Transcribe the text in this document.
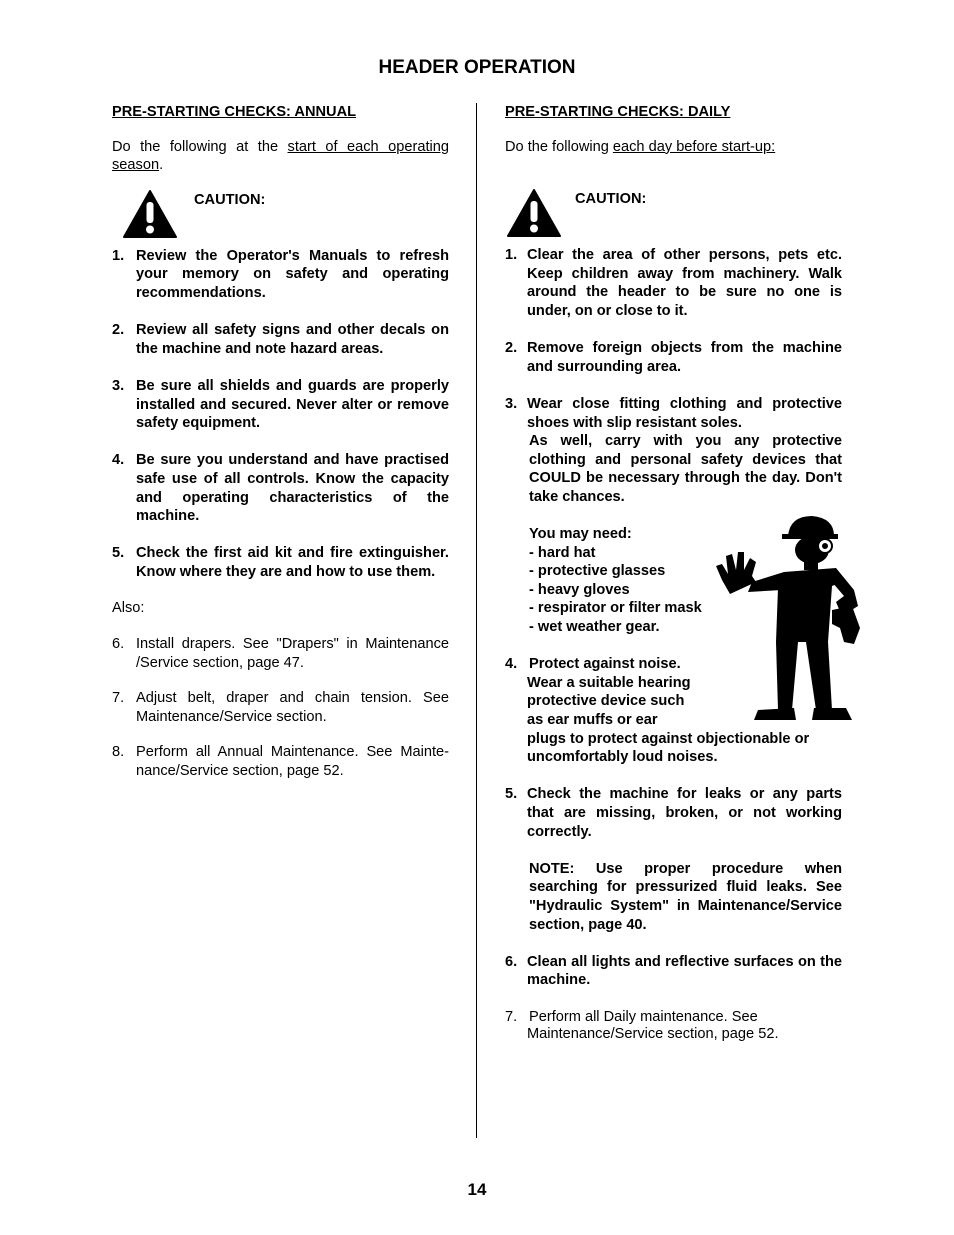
HEADER OPERATION
PRE-STARTING CHECKS: ANNUAL
Do the following at the start of each operating season.
CAUTION:
1. Review the Operator's Manuals to refresh your memory on safety and operating recommendations.
2. Review all safety signs and other decals on the machine and note hazard areas.
3. Be sure all shields and guards are properly installed and secured. Never alter or remove safety equipment.
4. Be sure you understand and have practised safe use of all controls. Know the capacity and operating characteristics of the machine.
5. Check the first aid kit and fire extinguisher. Know where they are and how to use them.
Also:
6. Install drapers. See "Drapers" in Maintenance /Service section, page 47.
7. Adjust belt, draper and chain tension. See Maintenance/Service section.
8. Perform all Annual Maintenance. See Mainte-nance/Service section, page 52.
PRE-STARTING CHECKS: DAILY
Do the following each day before start-up:
CAUTION:
1. Clear the area of other persons, pets etc. Keep children away from machinery. Walk around the header to be sure no one is under, on or close to it.
2. Remove foreign objects from the machine and surrounding area.
3. Wear close fitting clothing and protective shoes with slip resistant soles.
As well, carry with you any protective clothing and personal safety devices that COULD be necessary through the day. Don't take chances.
You may need:
- hard hat
- protective glasses
- heavy gloves
- respirator or filter mask
- wet weather gear.
4. Protect against noise.
Wear a suitable hearing
protective device such
as ear muffs or ear
plugs to protect against objectionable or
uncomfortably loud noises.
5. Check the machine for leaks or any parts that are missing, broken, or not working correctly.
NOTE: Use proper procedure when searching for pressurized fluid leaks. See "Hydraulic System" in Maintenance/Service section, page 40.
6. Clean all lights and reflective surfaces on the machine.
7. Perform all Daily maintenance. See
Maintenance/Service section, page 52.
14
